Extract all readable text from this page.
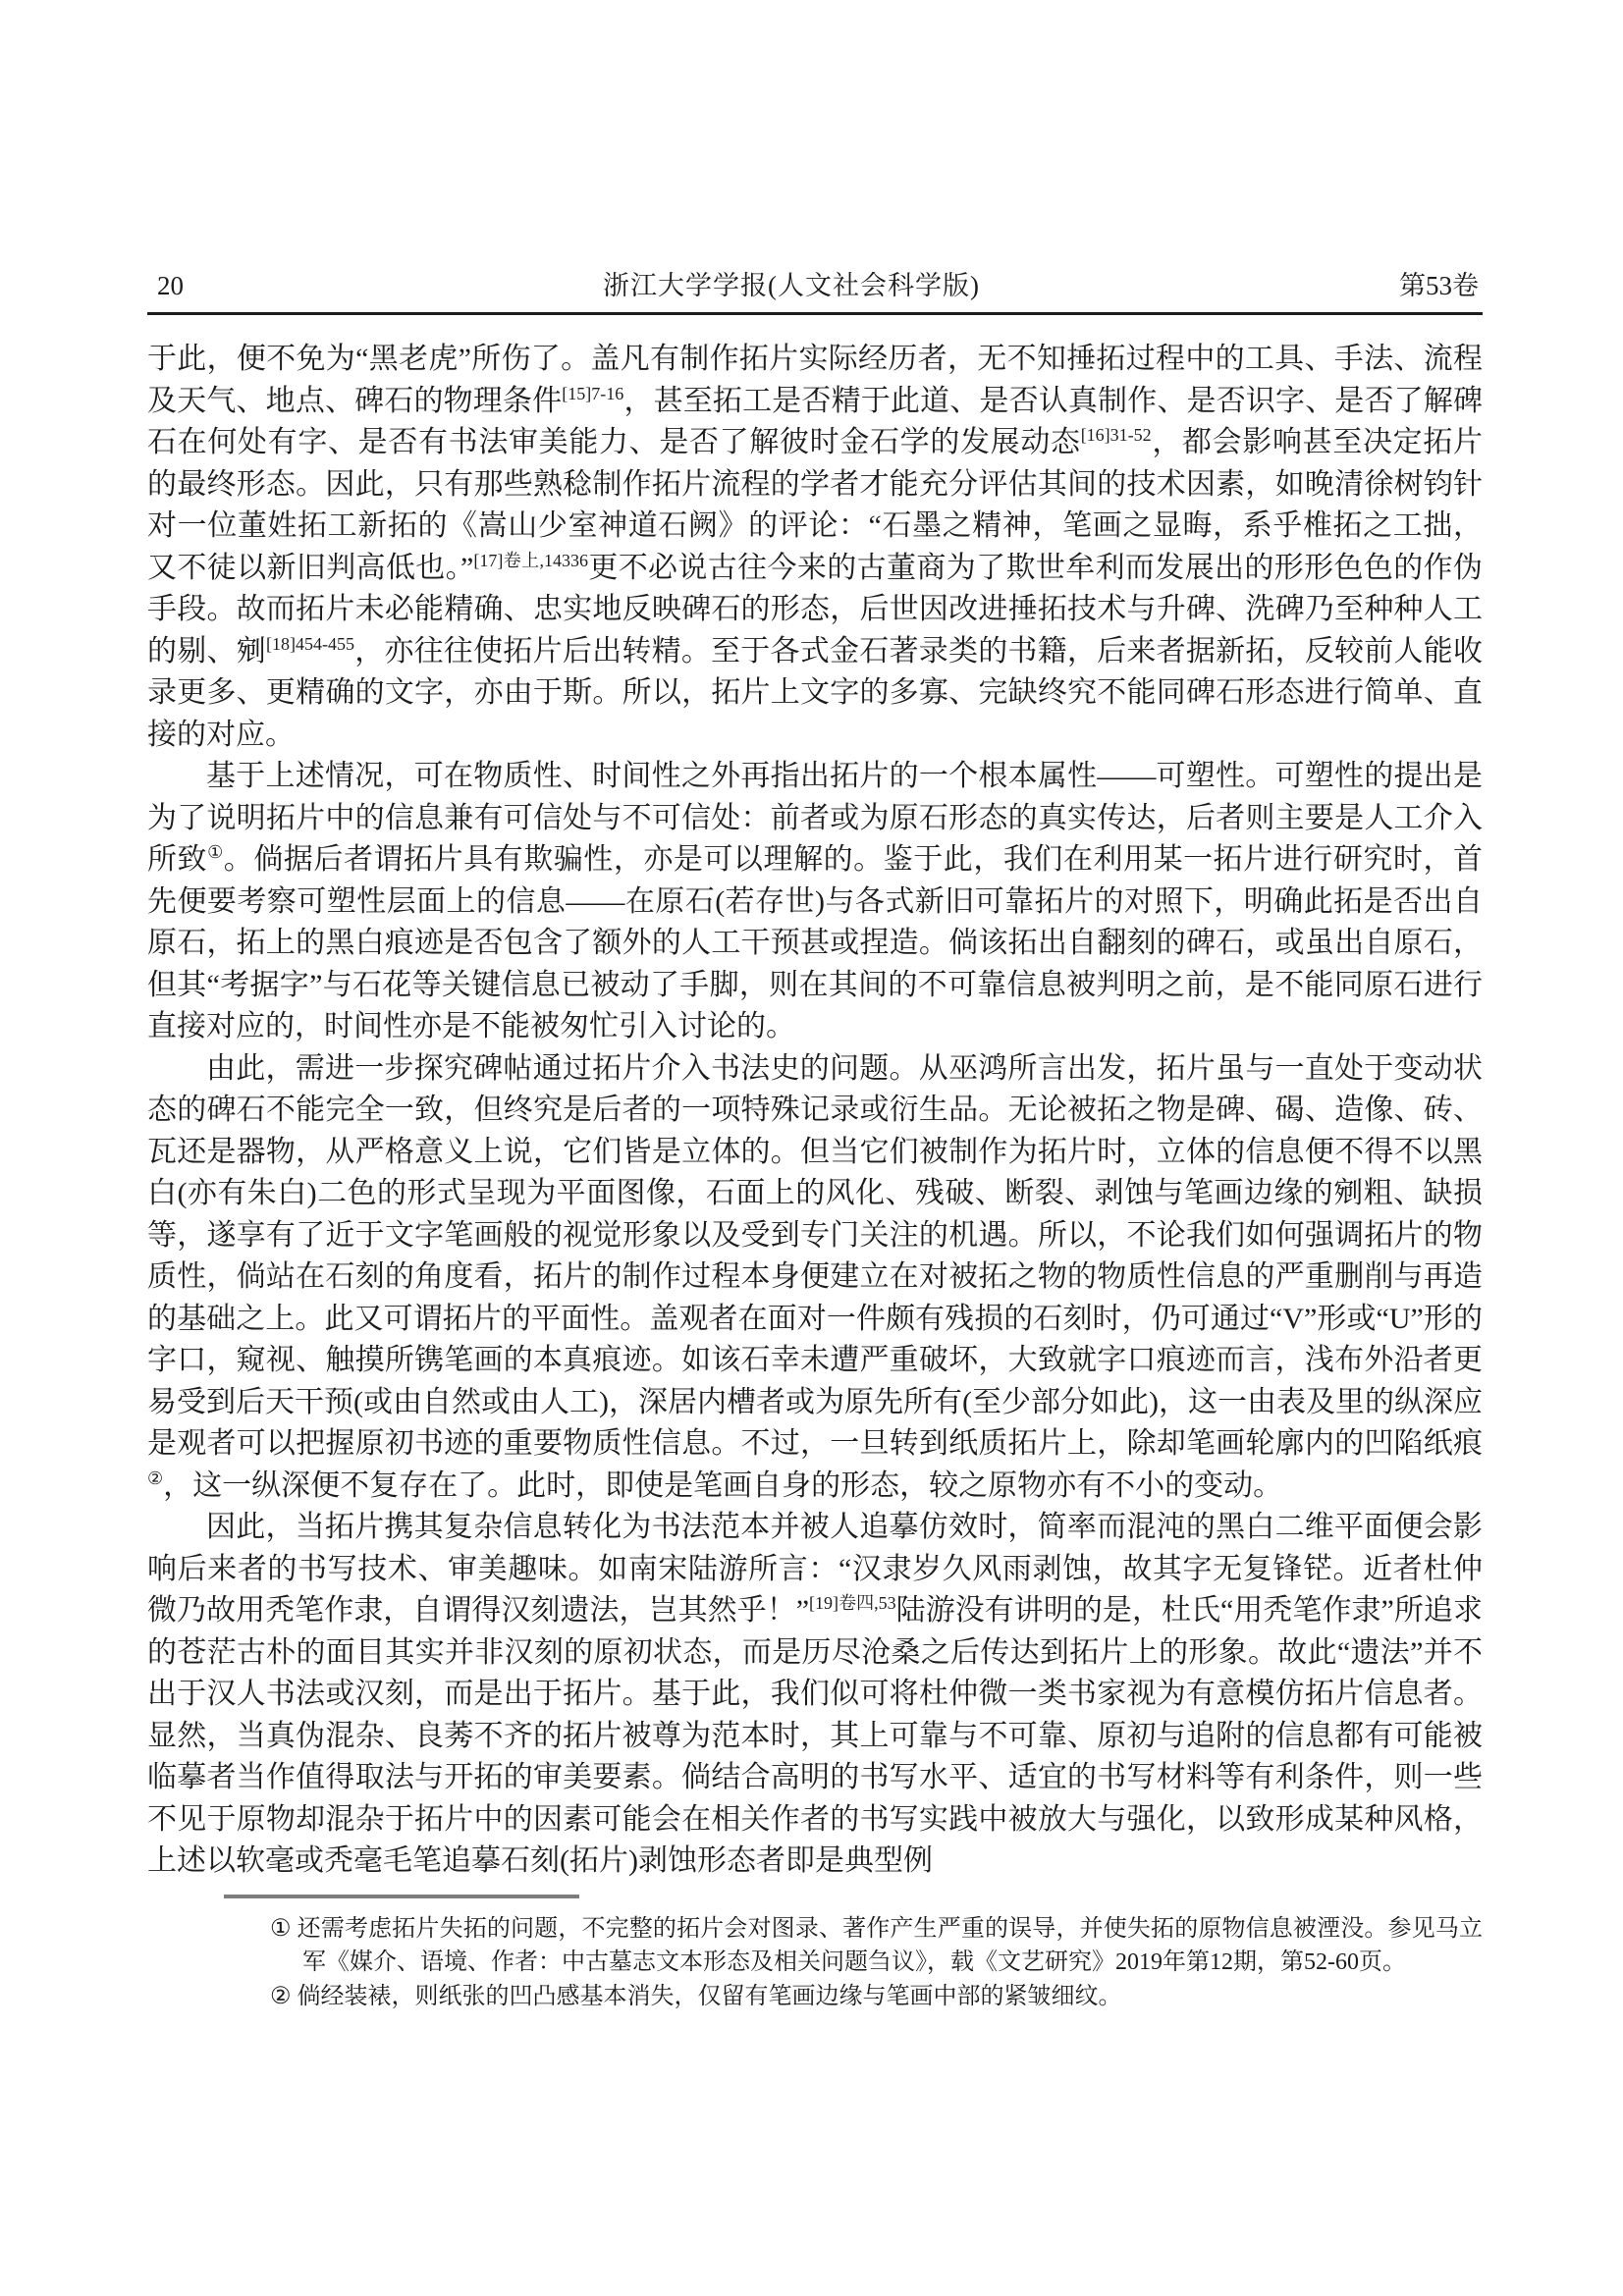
20	浙江大学学报(人文社会科学版)	第53卷

于此，便不免为“黑老虎”所伤了。盖凡有制作拓片实际经历者，无不知捶拓过程中的工具、手法、流程及天气、地点、碑石的物理条件$^{[15]7-16}$，甚至拓工是否精于此道、是否认真制作、是否识字、是否了解碑石在何处有字、是否有书法审美能力、是否了解彼时金石学的发展动态$^{[16]31-52}$，都会影响甚至决定拓片的最终形态。因此，只有那些熟稔制作拓片流程的学者才能充分评估其间的技术因素，如晚清徐树钧针对一位董姓拓工新拓的《嵩山少室神道石阙》的评论：“石墨之精神，笔画之显晦，系乎椎拓之工拙，又不徒以新旧判高低也。”$^{[17]卷上,14336}$更不必说古往今来的古董商为了欺世牟利而发展出的形形色色的作伪手段。故而拓片未必能精确、忠实地反映碑石的形态，后世因改进捶拓技术与升碑、洗碑乃至种种人工的剔、剜$^{[18]454-455}$，亦往往使拓片后出转精。至于各式金石著录类的书籍，后来者据新拓，反较前人能收录更多、更精确的文字，亦由于斯。所以，拓片上文字的多寡、完缺终究不能同碑石形态进行简单、直接的对应。

基于上述情况，可在物质性、时间性之外再指出拓片的一个根本属性——可塑性。可塑性的提出是为了说明拓片中的信息兼有可信处与不可信处：前者或为原石形态的真实传达，后者则主要是人工介入所致①。倘据后者谓拓片具有欺骗性，亦是可以理解的。鉴于此，我们在利用某一拓片进行研究时，首先便要考察可塑性层面上的信息——在原石(若存世)与各式新旧可靠拓片的对照下，明确此拓是否出自原石，拓上的黑白痕迹是否包含了额外的人工干预甚或捏造。倘该拓出自翻刻的碑石，或虽出自原石，但其“考据字”与石花等关键信息已被动了手脚，则在其间的不可靠信息被判明之前，是不能同原石进行直接对应的，时间性亦是不能被匆忙引入讨论的。

由此，需进一步探究碑帖通过拓片介入书法史的问题。从巫鸿所言出发，拓片虽与一直处于变动状态的碑石不能完全一致，但终究是后者的一项特殊记录或衍生品。无论被拓之物是碑、碣、造像、砖、瓦还是器物，从严格意义上说，它们皆是立体的。但当它们被制作为拓片时，立体的信息便不得不以黑白(亦有朱白)二色的形式呈现为平面图像，石面上的风化、残破、断裂、剥蚀与笔画边缘的剜粗、缺损等，遂享有了近于文字笔画般的视觉形象以及受到专门关注的机遇。所以，不论我们如何强调拓片的物质性，倘站在石刻的角度看，拓片的制作过程本身便建立在对被拓之物的物质性信息的严重删削与再造的基础之上。此又可谓拓片的平面性。盖观者在面对一件颇有残损的石刻时，仍可通过“V”形或“U”形的字口，窥视、触摸所镌笔画的本真痕迹。如该石幸未遭严重破坏，大致就字口痕迹而言，浅布外沿者更易受到后天干预(或由自然或由人工)，深居内槽者或为原先所有(至少部分如此)，这一由表及里的纵深应是观者可以把握原初书迹的重要物质性信息。不过，一旦转到纸质拓片上，除却笔画轮廓内的凹陷纸痕②，这一纵深便不复存在了。此时，即使是笔画自身的形态，较之原物亦有不小的变动。

因此，当拓片携其复杂信息转化为书法范本并被人追摹仿效时，简率而混沌的黑白二维平面便会影响后来者的书写技术、审美趣味。如南宋陆游所言：“汉隶岁久风雨剥蚀，故其字无复锋铓。近者杜仲微乃故用秃笔作隶，自谓得汉刻遗法，岂其然乎！”$^{[19]卷四,53}$陆游没有讲明的是，杜氏“用秃笔作隶”所追求的苍茫古朴的面目其实并非汉刻的原初状态，而是历尽沧桑之后传达到拓片上的形象。故此“遗法”并不出于汉人书法或汉刻，而是出于拓片。基于此，我们似可将杜仲微一类书家视为有意模仿拓片信息者。显然，当真伪混杂、良莠不齐的拓片被尊为范本时，其上可靠与不可靠、原初与追附的信息都有可能被临摹者当作值得取法与开拓的审美要素。倘结合高明的书写水平、适宜的书写材料等有利条件，则一些不见于原物却混杂于拓片中的因素可能会在相关作者的书写实践中被放大与强化，以致形成某种风格，上述以软毫或秃毫毛笔追摹石刻(拓片)剥蚀形态者即是典型例

① 还需考虑拓片失拓的问题，不完整的拓片会对图录、著作产生严重的误导，并使失拓的原物信息被湮没。参见马立军《媒介、语境、作者：中古墓志文本形态及相关问题刍议》，载《文艺研究》2019年第12期，第52-60页。
② 倘经装裱，则纸张的凹凸感基本消失，仅留有笔画边缘与笔画中部的紧皱细纹。
